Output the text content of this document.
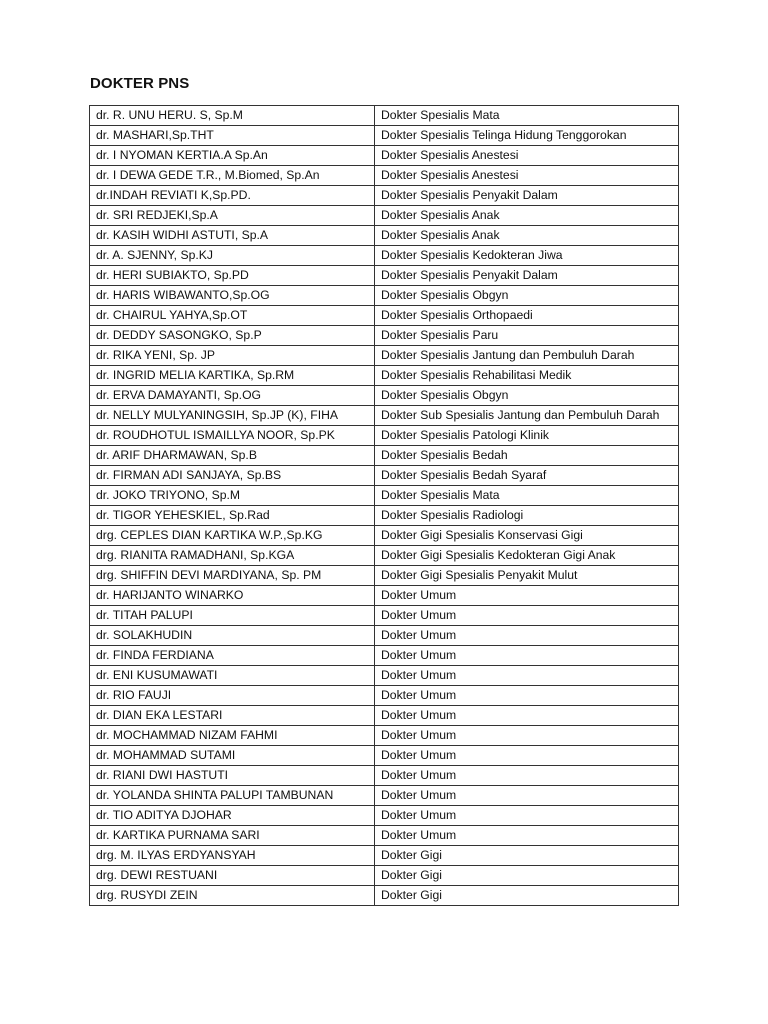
DOKTER PNS
dr. R. UNU HERU. S, Sp.M	Dokter Spesialis Mata
dr. MASHARI,Sp.THT	Dokter Spesialis Telinga Hidung Tenggorokan
dr. I NYOMAN KERTIA.A Sp.An	Dokter Spesialis Anestesi
dr. I DEWA GEDE T.R., M.Biomed, Sp.An	Dokter Spesialis Anestesi
dr.INDAH REVIATI K,Sp.PD.	Dokter Spesialis Penyakit Dalam
dr. SRI REDJEKI,Sp.A	Dokter Spesialis Anak
dr. KASIH WIDHI ASTUTI, Sp.A	Dokter Spesialis Anak
dr. A. SJENNY, Sp.KJ	Dokter Spesialis Kedokteran Jiwa
dr. HERI SUBIAKTO, Sp.PD	Dokter Spesialis Penyakit Dalam
dr. HARIS WIBAWANTO,Sp.OG	Dokter Spesialis Obgyn
dr. CHAIRUL YAHYA,Sp.OT	Dokter Spesialis Orthopaedi
dr. DEDDY SASONGKO, Sp.P	Dokter Spesialis Paru
dr. RIKA YENI, Sp. JP	Dokter Spesialis Jantung dan Pembuluh Darah
dr. INGRID MELIA KARTIKA, Sp.RM	Dokter Spesialis Rehabilitasi Medik
dr. ERVA DAMAYANTI, Sp.OG	Dokter Spesialis Obgyn
dr. NELLY MULYANINGSIH, Sp.JP (K), FIHA	Dokter Sub Spesialis Jantung dan Pembuluh Darah
dr. ROUDHOTUL ISMAILLYA NOOR, Sp.PK	Dokter Spesialis Patologi Klinik
dr. ARIF DHARMAWAN, Sp.B	Dokter Spesialis Bedah
dr. FIRMAN ADI SANJAYA, Sp.BS	Dokter Spesialis Bedah Syaraf
dr. JOKO TRIYONO, Sp.M	Dokter Spesialis Mata
dr. TIGOR YEHESKIEL, Sp.Rad	Dokter Spesialis Radiologi
drg. CEPLES DIAN KARTIKA W.P.,Sp.KG	Dokter Gigi Spesialis Konservasi Gigi
drg. RIANITA RAMADHANI, Sp.KGA	Dokter Gigi Spesialis Kedokteran Gigi Anak
drg. SHIFFIN DEVI MARDIYANA, Sp. PM	Dokter Gigi Spesialis Penyakit Mulut
dr. HARIJANTO WINARKO	Dokter Umum
dr. TITAH PALUPI	Dokter Umum
dr. SOLAKHUDIN	Dokter Umum
dr. FINDA FERDIANA	Dokter Umum
dr. ENI KUSUMAWATI	Dokter Umum
dr. RIO FAUJI	Dokter Umum
dr. DIAN EKA LESTARI	Dokter Umum
dr. MOCHAMMAD NIZAM FAHMI	Dokter Umum
dr. MOHAMMAD SUTAMI	Dokter Umum
dr. RIANI DWI HASTUTI	Dokter Umum
dr. YOLANDA SHINTA PALUPI TAMBUNAN	Dokter Umum
dr. TIO ADITYA DJOHAR	Dokter Umum
dr. KARTIKA PURNAMA SARI	Dokter Umum
drg. M. ILYAS ERDYANSYAH	Dokter Gigi
drg. DEWI RESTUANI	Dokter Gigi
drg. RUSYDI ZEIN	Dokter Gigi
